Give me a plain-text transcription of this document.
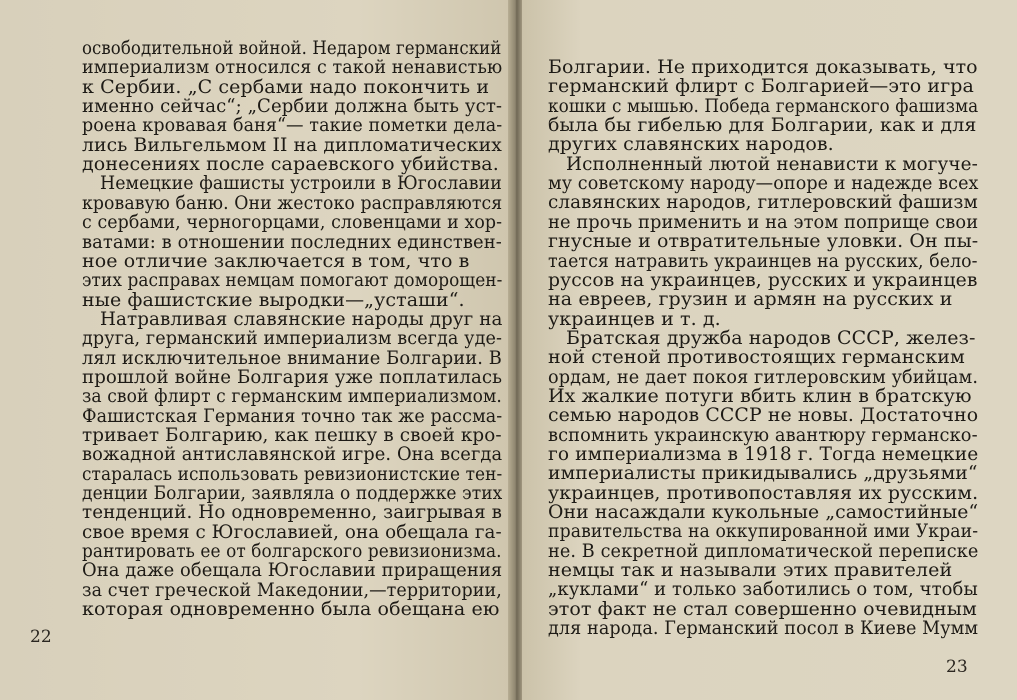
освободительной войной. Недаром германский
империализм относился с такой ненавистью
к Сербии. „С сербами надо покончить и
именно сейчас“; „Сербии должна быть уст-
роена кровавая баня“— такие пометки дела-
лись Вильгельмом II на дипломатических
донесениях после сараевского убийства.
Немецкие фашисты устроили в Югославии
кровавую баню. Они жестоко расправляются
с сербами, черногорцами, словенцами и хор-
ватами: в отношении последних единствен-
ное отличие заключается в том, что в
этих расправах немцам помогают доморощен-
ные фашистские выродки—„усташи“.
Натравливая славянские народы друг на
друга, германский империализм всегда уде-
лял исключительное внимание Болгарии. В
прошлой войне Болгария уже поплатилась
за свой флирт с германским империализмом.
Фашистская Германия точно так же рассма-
тривает Болгарию, как пешку в своей кро-
вожадной антиславянской игре. Она всегда
старалась использовать ревизионистские тен-
денции Болгарии, заявляла о поддержке этих
тенденций. Но одновременно, заигрывая в
свое время с Югославией, она обещала га-
рантировать ее от болгарского ревизионизма.
Она даже обещала Югославии приращения
за счет греческой Македонии,—территории,
которая одновременно была обещана ею
22
Болгарии. Не приходится доказывать, что
германский флирт с Болгарией—это игра
кошки с мышью. Победа германского фашизма
была бы гибелью для Болгарии, как и для
других славянских народов.
Исполненный лютой ненависти к могуче-
му советскому народу—опоре и надежде всех
славянских народов, гитлеровский фашизм
не прочь применить и на этом поприще свои
гнусные и отвратительные уловки. Он пы-
тается натравить украинцев на русских, бело-
руссов на украинцев, русских и украинцев
на евреев, грузин и армян на русских и
украинцев и т. д.
Братская дружба народов СССР, желез-
ной стеной противостоящих германским
ордам, не дает покоя гитлеровским убийцам.
Их жалкие потуги вбить клин в братскую
семью народов СССР не новы. Достаточно
вспомнить украинскую авантюру германско-
го империализма в 1918 г. Тогда немецкие
империалисты прикидывались „друзьями“
украинцев, противопоставляя их русским.
Они насаждали кукольные „самостийные“
правительства на оккупированной ими Украи-
не. В секретной дипломатической переписке
немцы так и называли этих правителей
„куклами“ и только заботились о том, чтобы
этот факт не стал совершенно очевидным
для народа. Германский посол в Киеве Мумм
23
